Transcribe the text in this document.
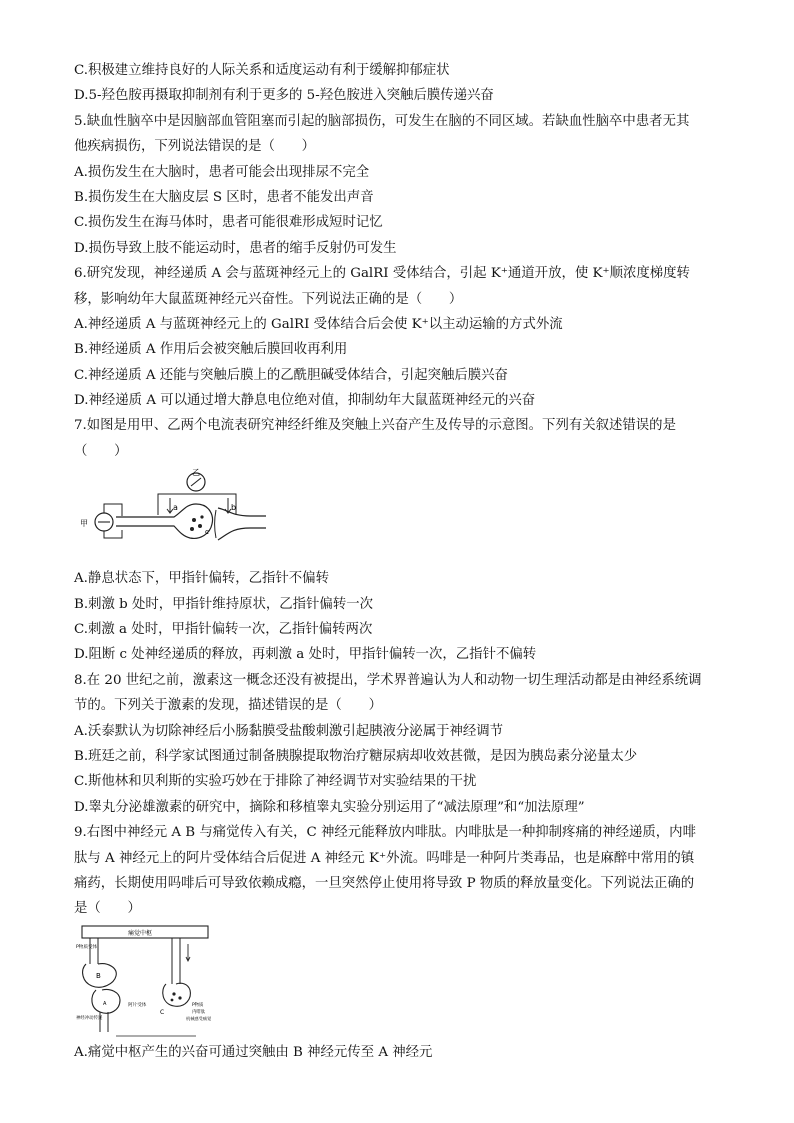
C.积极建立维持良好的人际关系和适度运动有利于缓解抑郁症状
D.5-羟色胺再摄取抑制剂有利于更多的 5-羟色胺进入突触后膜传递兴奋
5.缺血性脑卒中是因脑部血管阻塞而引起的脑部损伤，可发生在脑的不同区域。若缺血性脑卒中患者无其
他疾病损伤，下列说法错误的是（　　）
A.损伤发生在大脑时，患者可能会出现排尿不完全
B.损伤发生在大脑皮层 S 区时，患者不能发出声音
C.损伤发生在海马体时，患者可能很难形成短时记忆
D.损伤导致上肢不能运动时，患者的缩手反射仍可发生
6.研究发现，神经递质 A 会与蓝斑神经元上的 GalRI 受体结合，引起 K⁺通道开放，使 K⁺顺浓度梯度转
移，影响幼年大鼠蓝斑神经元兴奋性。下列说法正确的是（　　）
A.神经递质 A 与蓝斑神经元上的 GalRI 受体结合后会使 K⁺以主动运输的方式外流
B.神经递质 A 作用后会被突触后膜回收再利用
C.神经递质 A 还能与突触后膜上的乙酰胆碱受体结合，引起突触后膜兴奋
D.神经递质 A 可以通过增大静息电位绝对值，抑制幼年大鼠蓝斑神经元的兴奋
7.如图是用甲、乙两个电流表研究神经纤维及突触上兴奋产生及传导的示意图。下列有关叙述错误的是
（　　）
乙
甲
a	b
c
A.静息状态下，甲指针偏转，乙指针不偏转
B.刺激 b 处时，甲指针维持原状，乙指针偏转一次
C.刺激 a 处时，甲指针偏转一次，乙指针偏转两次
D.阻断 c 处神经递质的释放，再刺激 a 处时，甲指针偏转一次，乙指针不偏转
8.在 20 世纪之前，激素这一概念还没有被提出，学术界普遍认为人和动物一切生理活动都是由神经系统调
节的。下列关于激素的发现，描述错误的是（　　）
A.沃泰默认为切除神经后小肠黏膜受盐酸刺激引起胰液分泌属于神经调节
B.班廷之前，科学家试图通过制备胰腺提取物治疗糖尿病却收效甚微，是因为胰岛素分泌量太少
C.斯他林和贝利斯的实验巧妙在于排除了神经调节对实验结果的干扰
D.睾丸分泌雄激素的研究中，摘除和移植睾丸实验分别运用了“减法原理”和“加法原理”
9.右图中神经元 A B 与痛觉传入有关，C 神经元能释放内啡肽。内啡肽是一种抑制疼痛的神经递质，内啡
肽与 A 神经元上的阿片受体结合后促进 A 神经元 K⁺外流。吗啡是一种阿片类毒品，也是麻醉中常用的镇
痛药，长期使用吗啡后可导致依赖成瘾，一旦突然停止使用将导致 P 物质的释放量变化。下列说法正确的
是（　　）
痛觉中枢
P物质受体
B
A
神经冲动传递
C
阿片受体	P物质
内啡肽
机械感受痛觉
A.痛觉中枢产生的兴奋可通过突触由 B 神经元传至 A 神经元
